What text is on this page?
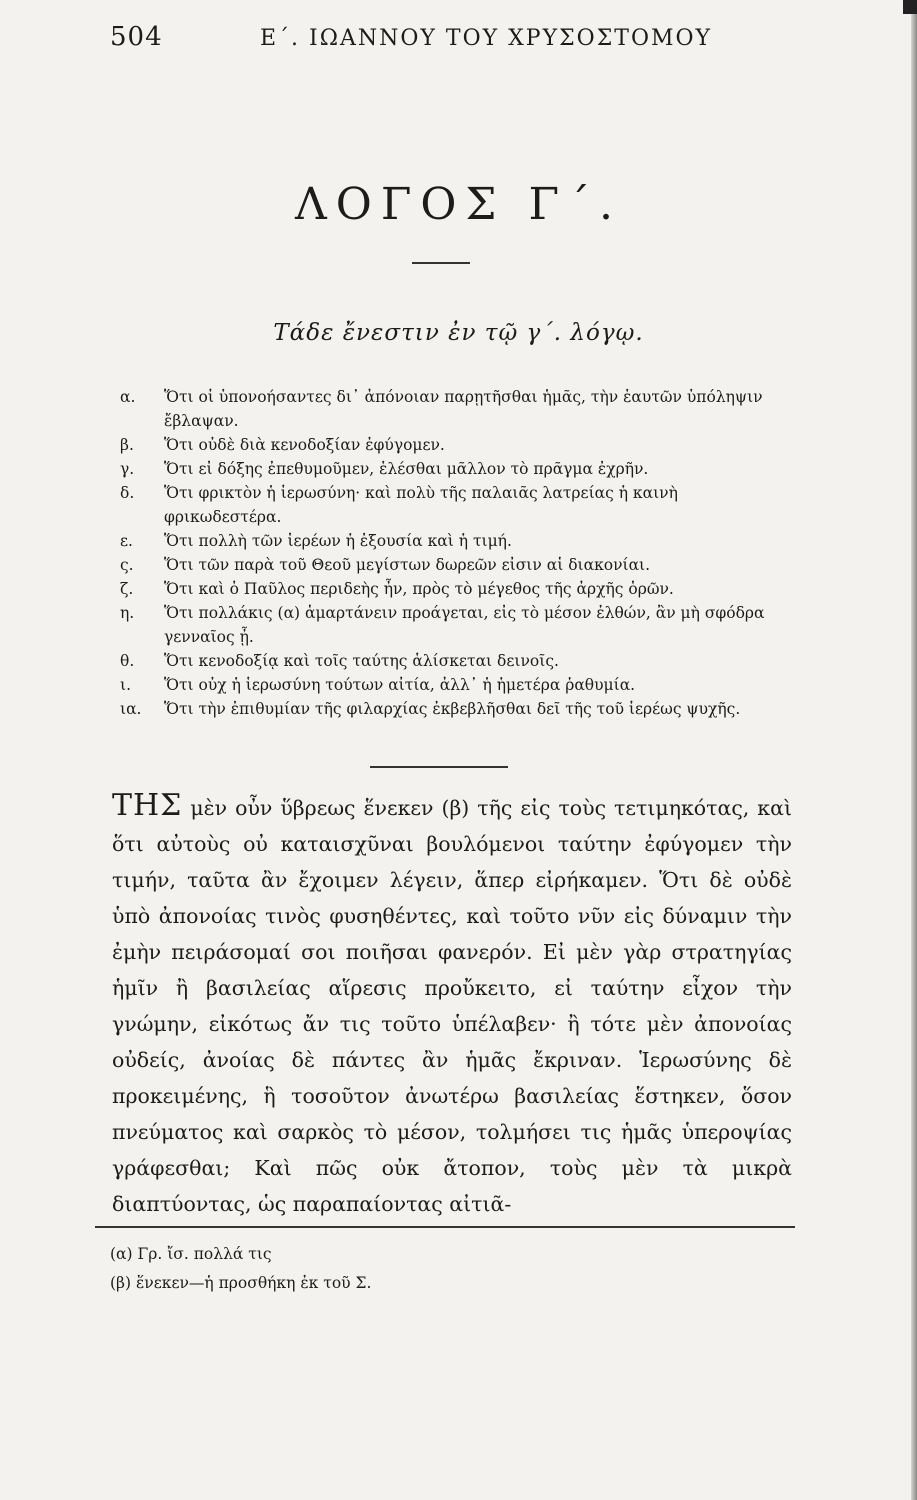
504	Ε΄. ΙΩΑΝΝΟΥ ΤΟΥ ΧΡΥΣΟΣΤΟΜΟΥ
ΛΟΓΟΣ Γ΄.
Τάδε ἔνεστιν ἐν τῷ γ΄. λόγῳ.
α. Ὅτι οἱ ὑπονοήσαντες δι᾽ ἀπόνοιαν παρῃτῆσθαι ἡμᾶς, τὴν ἑαυτῶν ὑπόληψιν ἔβλαψαν.
β. Ὅτι οὐδὲ διὰ κενοδοξίαν ἐφύγομεν.
γ. Ὅτι εἰ δόξης ἐπεθυμοῦμεν, ἑλέσθαι μᾶλλον τὸ πρᾶγμα ἐχρῆν.
δ. Ὅτι φρικτὸν ἡ ἱερωσύνη· καὶ πολὺ τῆς παλαιᾶς λατρείας ἡ καινὴ φρικωδεστέρα.
ε. Ὅτι πολλὴ τῶν ἱερέων ἡ ἐξουσία καὶ ἡ τιμή.
ς. Ὅτι τῶν παρὰ τοῦ Θεοῦ μεγίστων δωρεῶν εἰσιν αἱ διακονίαι.
ζ. Ὅτι καὶ ὁ Παῦλος περιδεὴς ἦν, πρὸς τὸ μέγεθος τῆς ἀρχῆς ὁρῶν.
η. Ὅτι πολλάκις (α) ἁμαρτάνειν προάγεται, εἰς τὸ μέσον ἐλθών, ἂν μὴ σφόδρα γενναῖος ᾖ.
θ. Ὅτι κενοδοξίᾳ καὶ τοῖς ταύτης ἁλίσκεται δεινοῖς.
ι. Ὅτι οὐχ ἡ ἱερωσύνη τούτων αἰτία, ἀλλ᾽ ἡ ἡμετέρα ῥαθυμία.
ια. Ὅτι τὴν ἐπιθυμίαν τῆς φιλαρχίας ἐκβεβλῆσθαι δεῖ τῆς τοῦ ἱερέως ψυχῆς.

ΤΗΣ μὲν οὖν ὕβρεως ἕνεκεν (β) τῆς εἰς τοὺς τετιμηκότας, καὶ ὅτι αὐτοὺς οὐ καταισχῦναι βουλόμενοι ταύτην ἐφύγομεν τὴν τιμήν, ταῦτα ἂν ἔχοιμεν λέγειν, ἅπερ εἰρήκαμεν. Ὅτι δὲ οὐδὲ ὑπὸ ἀπονοίας τινὸς φυσηθέντες, καὶ τοῦτο νῦν εἰς δύναμιν τὴν ἐμὴν πειράσομαί σοι ποιῆσαι φανερόν. Εἰ μὲν γὰρ στρατηγίας ἡμῖν ἢ βασιλείας αἵρεσις προὔκειτο, εἰ ταύτην εἶχον τὴν γνώμην, εἰκότως ἄν τις τοῦτο ὑπέλαβεν· ἢ τότε μὲν ἀπονοίας οὐδείς, ἀνοίας δὲ πάντες ἂν ἡμᾶς ἔκριναν. Ἱερωσύνης δὲ προκειμένης, ἣ τοσοῦτον ἀνωτέρω βασιλείας ἕστηκεν, ὅσον πνεύματος καὶ σαρκὸς τὸ μέσον, τολμήσει τις ἡμᾶς ὑπεροψίας γράφεσθαι; Καὶ πῶς οὐκ ἄτοπον, τοὺς μὲν τὰ μικρὰ διαπτύοντας, ὡς παραπαίοντας αἰτιᾶ-

(α) Γρ. ἴσ. πολλά τις
(β) ἕνεκεν—ἡ προσθήκη ἐκ τοῦ Σ.
